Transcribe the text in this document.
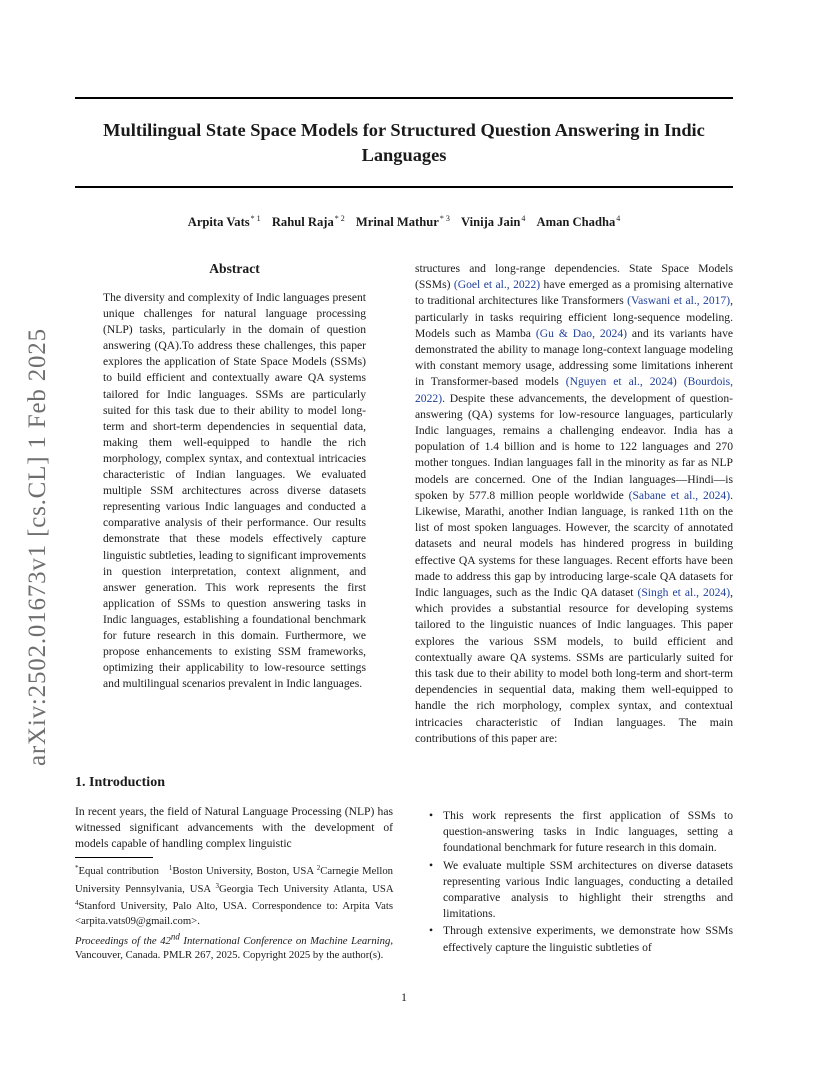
Multilingual State Space Models for Structured Question Answering in Indic
Languages
Arpita Vats$^{* 1}$ Rahul Raja$^{* 2}$ Mrinal Mathur$^{* 3}$ Vinija Jain$^4$ Aman Chadha$^4$
arXiv:2502.01673v1 [cs.CL] 1 Feb 2025
Abstract
The diversity and complexity of Indic languages present unique challenges for natural language processing (NLP) tasks, particularly in the domain of question answering (QA).To address these challenges, this paper explores the application of State Space Models (SSMs) to build efficient and contextually aware QA systems tailored for Indic languages. SSMs are particularly suited for this task due to their ability to model long-term and short-term dependencies in sequential data, making them well-equipped to handle the rich morphology, complex syntax, and contextual intricacies characteristic of Indian languages. We evaluated multiple SSM architectures across diverse datasets representing various Indic languages and conducted a comparative analysis of their performance. Our results demonstrate that these models effectively capture linguistic subtleties, leading to significant improvements in question interpretation, context alignment, and answer generation. This work represents the first application of SSMs to question answering tasks in Indic languages, establishing a foundational benchmark for future research in this domain. Furthermore, we propose enhancements to existing SSM frameworks, optimizing their applicability to low-resource settings and multilingual scenarios prevalent in Indic languages.
1. Introduction
In recent years, the field of Natural Language Processing (NLP) has witnessed significant advancements with the development of models capable of handling complex linguistic
*Equal contribution $^1$Boston University, Boston, USA $^2$Carnegie Mellon University Pennsylvania, USA $^3$Georgia Tech University Atlanta, USA $^4$Stanford University, Palo Alto, USA. Correspondence to: Arpita Vats <arpita.vats09@gmail.com>.
Proceedings of the 42nd International Conference on Machine Learning, Vancouver, Canada. PMLR 267, 2025. Copyright 2025 by the author(s).
structures and long-range dependencies. State Space Models (SSMs) (Goel et al., 2022) have emerged as a promising alternative to traditional architectures like Transformers (Vaswani et al., 2017), particularly in tasks requiring efficient long-sequence modeling. Models such as Mamba (Gu & Dao, 2024) and its variants have demonstrated the ability to manage long-context language modeling with constant memory usage, addressing some limitations inherent in Transformer-based models (Nguyen et al., 2024) (Bourdois, 2022). Despite these advancements, the development of question-answering (QA) systems for low-resource languages, particularly Indic languages, remains a challenging endeavor. India has a population of 1.4 billion and is home to 122 languages and 270 mother tongues. Indian languages fall in the minority as far as NLP models are concerned. One of the Indian languages—Hindi—is spoken by 577.8 million people worldwide (Sabane et al., 2024). Likewise, Marathi, another Indian language, is ranked 11th on the list of most spoken languages. However, the scarcity of annotated datasets and neural models has hindered progress in building effective QA systems for these languages. Recent efforts have been made to address this gap by introducing large-scale QA datasets for Indic languages, such as the Indic QA dataset (Singh et al., 2024), which provides a substantial resource for developing systems tailored to the linguistic nuances of Indic languages. This paper explores the various SSM models, to build efficient and contextually aware QA systems. SSMs are particularly suited for this task due to their ability to model both long-term and short-term dependencies in sequential data, making them well-equipped to handle the rich morphology, complex syntax, and contextual intricacies characteristic of Indian languages. The main contributions of this paper are:
• This work represents the first application of SSMs to question-answering tasks in Indic languages, setting a foundational benchmark for future research in this domain.
• We evaluate multiple SSM architectures on diverse datasets representing various Indic languages, conducting a detailed comparative analysis to highlight their strengths and limitations.
• Through extensive experiments, we demonstrate how SSMs effectively capture the linguistic subtleties of
1
